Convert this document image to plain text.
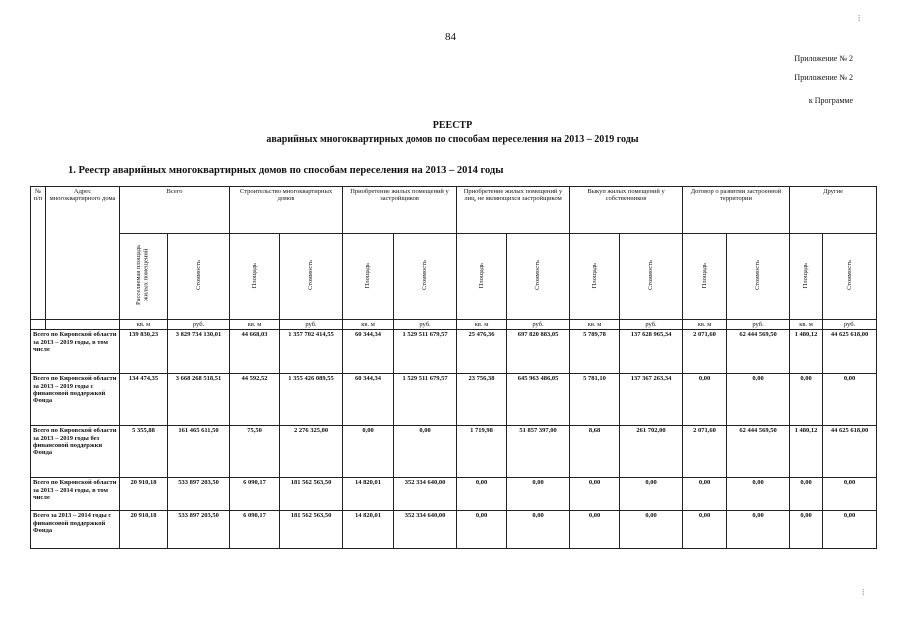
84
⁞
Приложение № 2
Приложение № 2
к Программе
РЕЕСТР
аварийных многоквартирных домов по способам переселения на 2013 – 2019 годы
1. Реестр аварийных многоквартирных домов по способам переселения на 2013 – 2014 годы
№ п/п	Адрес многоквартирного дома	Всего		Строительство многоквартирных домов		Приобретение жилых помещений у застройщиков		Приобретение жилых помещений у лиц, не являющихся застройщиком		Выкуп жилых помещений у собственников		Договор о развитии застроенной территории		Другие	
		Расселяемая площадь жилых помещений	Стоимость	Площадь	Стоимость	Площадь	Стоимость	Площадь	Стоимость	Площадь	Стоимость	Площадь	Стоимость	Площадь	Стоимость
		кв. м	руб.	кв. м	руб.	кв. м	руб.	кв. м	руб.	кв. м	руб.	кв. м	руб.	кв. м	руб.
Всего по Кировской области за 2013 – 2019 годы, в том числе		139 830,23	3 829 734 130,01	44 668,03	1 357 702 414,55	60 344,34	1 529 511 679,57	25 476,36	697 820 883,05	5 789,78	137 628 965,34	2 071,60	62 444 569,50	1 480,12	44 625 618,00
Всего по Кировской области за 2013 – 2019 годы с финансовой поддержкой Фонда		134 474,35	3 668 268 518,51	44 592,52	1 355 426 089,55	60 344,34	1 529 511 679,57	23 756,38	645 963 486,05	5 781,10	137 367 263,34	0,00	0,00	0,00	0,00
Всего по Кировской области за 2013 – 2019 годы без финансовой поддержки Фонда		5 355,88	161 465 611,50	75,50	2 276 325,00	0,00	0,00	1 719,98	51 857 397,00	8,68	261 702,00	2 071,60	62 444 569,50	1 480,12	44 625 618,00
Всего по Кировской области за 2013 – 2014 годы, в том числе		20 910,18	533 897 203,50	6 090,17	181 562 563,50	14 820,01	352 334 640,00	0,00	0,00	0,00	0,00	0,00	0,00	0,00	0,00
Всего за 2013 – 2014 годы с финансовой поддержкой Фонда		20 910,18	533 897 203,50	6 090,17	181 562 563,50	14 820,01	352 334 640,00	0,00	0,00	0,00	0,00	0,00	0,00	0,00	0,00
⁞
